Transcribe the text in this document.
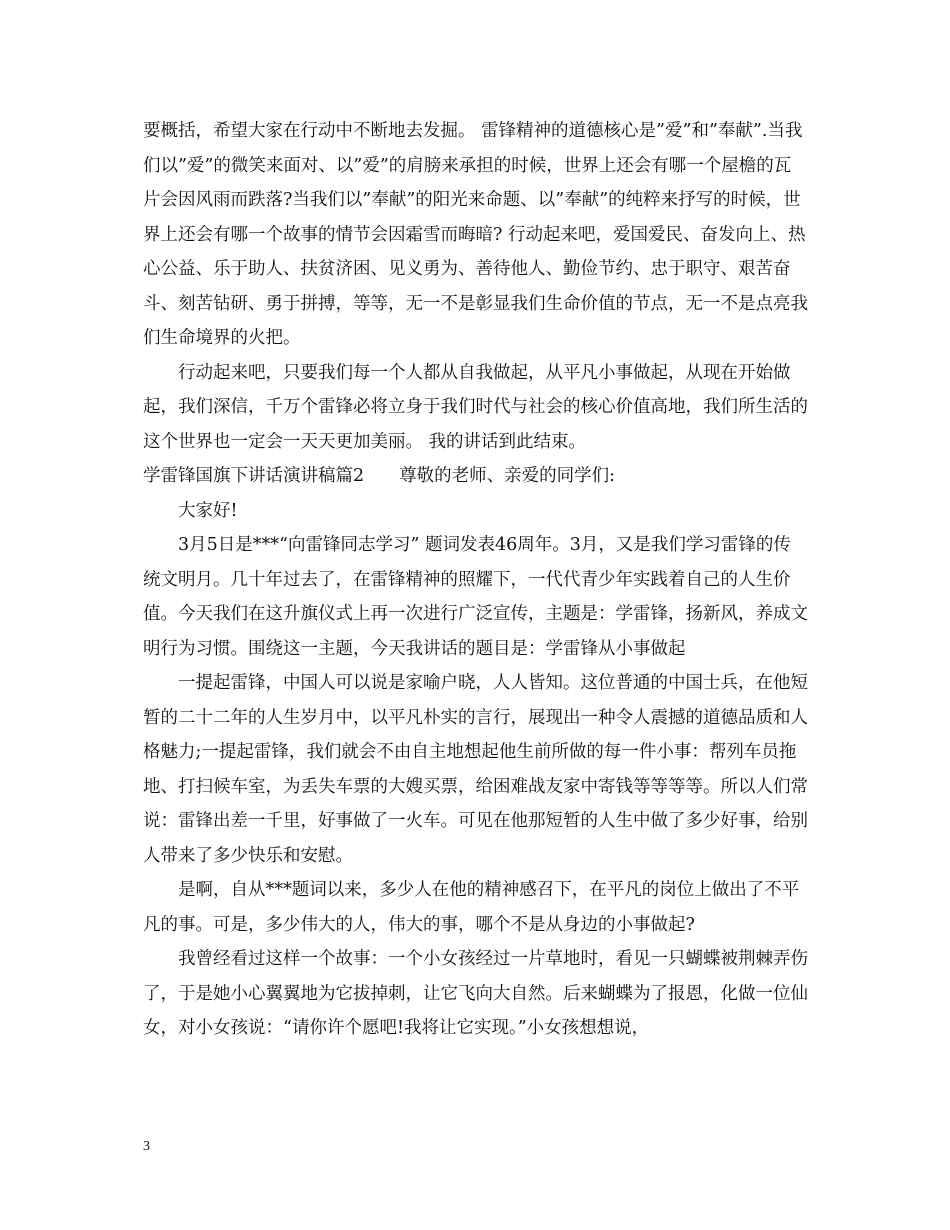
要概括，希望大家在行动中不断地去发掘。 雷锋精神的道德核心是”爱”和”奉献”.当我们以”爱”的微笑来面对、以”爱”的肩膀来承担的时候，世界上还会有哪一个屋檐的瓦片会因风雨而跌落?当我们以”奉献”的阳光来命题、以”奉献”的纯粹来抒写的时候，世界上还会有哪一个故事的情节会因霜雪而晦暗? 行动起来吧，爱国爱民、奋发向上、热心公益、乐于助人、扶贫济困、见义勇为、善待他人、勤俭节约、忠于职守、艰苦奋斗、刻苦钻研、勇于拼搏，等等，无一不是彰显我们生命价值的节点，无一不是点亮我们生命境界的火把。

行动起来吧，只要我们每一个人都从自我做起，从平凡小事做起，从现在开始做起，我们深信，千万个雷锋必将立身于我们时代与社会的核心价值高地，我们所生活的这个世界也一定会一天天更加美丽。 我的讲话到此结束。

学雷锋国旗下讲话演讲稿篇2　　尊敬的老师、亲爱的同学们:

大家好!

3月5日是***“向雷锋同志学习” 题词发表46周年。3月，又是我们学习雷锋的传统文明月。几十年过去了，在雷锋精神的照耀下，一代代青少年实践着自己的人生价值。今天我们在这升旗仪式上再一次进行广泛宣传，主题是：学雷锋，扬新风，养成文明行为习惯。围绕这一主题，今天我讲话的题目是：学雷锋从小事做起

一提起雷锋，中国人可以说是家喻户晓，人人皆知。这位普通的中国士兵，在他短暂的二十二年的人生岁月中，以平凡朴实的言行，展现出一种令人震撼的道德品质和人格魅力;一提起雷锋，我们就会不由自主地想起他生前所做的每一件小事：帮列车员拖地、打扫候车室，为丢失车票的大嫂买票，给困难战友家中寄钱等等等等。所以人们常说：雷锋出差一千里，好事做了一火车。可见在他那短暂的人生中做了多少好事，给别人带来了多少快乐和安慰。

是啊，自从***题词以来，多少人在他的精神感召下，在平凡的岗位上做出了不平凡的事。可是，多少伟大的人，伟大的事，哪个不是从身边的小事做起?

我曾经看过这样一个故事：一个小女孩经过一片草地时，看见一只蝴蝶被荆棘弄伤了，于是她小心翼翼地为它拔掉刺，让它飞向大自然。后来蝴蝶为了报恩，化做一位仙女，对小女孩说：“请你许个愿吧!我将让它实现。”小女孩想想说，

3
